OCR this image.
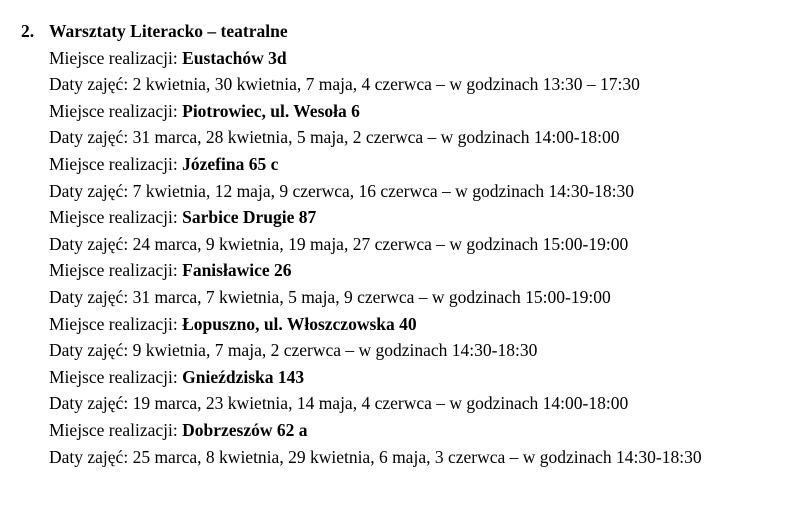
2. Warsztaty Literacko – teatralne
Miejsce realizacji: Eustachów 3d
Daty zajęć: 2 kwietnia, 30 kwietnia, 7 maja, 4 czerwca – w godzinach 13:30 – 17:30
Miejsce realizacji: Piotrowiec, ul. Wesoła 6
Daty zajęć: 31 marca, 28 kwietnia, 5 maja, 2 czerwca – w godzinach 14:00-18:00
Miejsce realizacji: Józefina 65 c
Daty zajęć: 7 kwietnia, 12 maja, 9 czerwca, 16 czerwca – w godzinach 14:30-18:30
Miejsce realizacji: Sarbice Drugie 87
Daty zajęć: 24 marca, 9 kwietnia, 19 maja, 27 czerwca – w godzinach 15:00-19:00
Miejsce realizacji: Fanisławice 26
Daty zajęć: 31 marca, 7 kwietnia, 5 maja, 9 czerwca – w godzinach 15:00-19:00
Miejsce realizacji: Łopuszno, ul. Włoszczowska 40
Daty zajęć: 9 kwietnia, 7 maja, 2 czerwca – w godzinach 14:30-18:30
Miejsce realizacji: Gnieździska 143
Daty zajęć: 19 marca, 23 kwietnia, 14 maja, 4 czerwca – w godzinach 14:00-18:00
Miejsce realizacji: Dobrzeszów 62 a
Daty zajęć: 25 marca, 8 kwietnia, 29 kwietnia, 6 maja, 3 czerwca – w godzinach 14:30-18:30
